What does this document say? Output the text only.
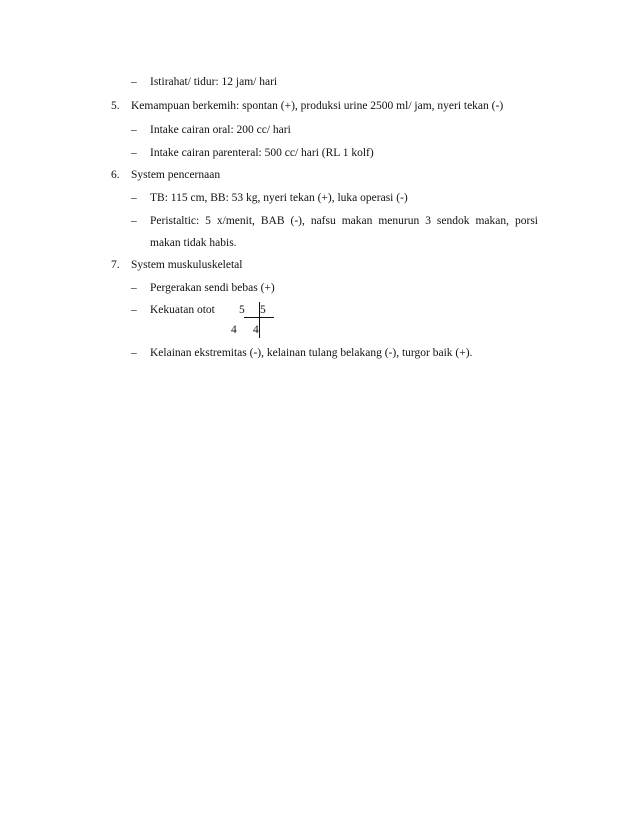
– Istirahat/ tidur: 12 jam/ hari
5. Kemampuan berkemih: spontan (+), produksi urine 2500 ml/ jam, nyeri tekan (-)
– Intake cairan oral: 200 cc/ hari
– Intake cairan parenteral: 500 cc/ hari (RL 1 kolf)
6. System pencernaan
– TB: 115 cm, BB: 53 kg, nyeri tekan (+), luka operasi (-)
– Peristaltic: 5 x/menit, BAB (-), nafsu makan menurun 3 sendok makan, porsi
makan tidak habis.
7. System muskuluskeletal
– Pergerakan sendi bebas (+)
– Kekuatan otot 5 5
4 4
– Kelainan ekstremitas (-), kelainan tulang belakang (-), turgor baik (+).
